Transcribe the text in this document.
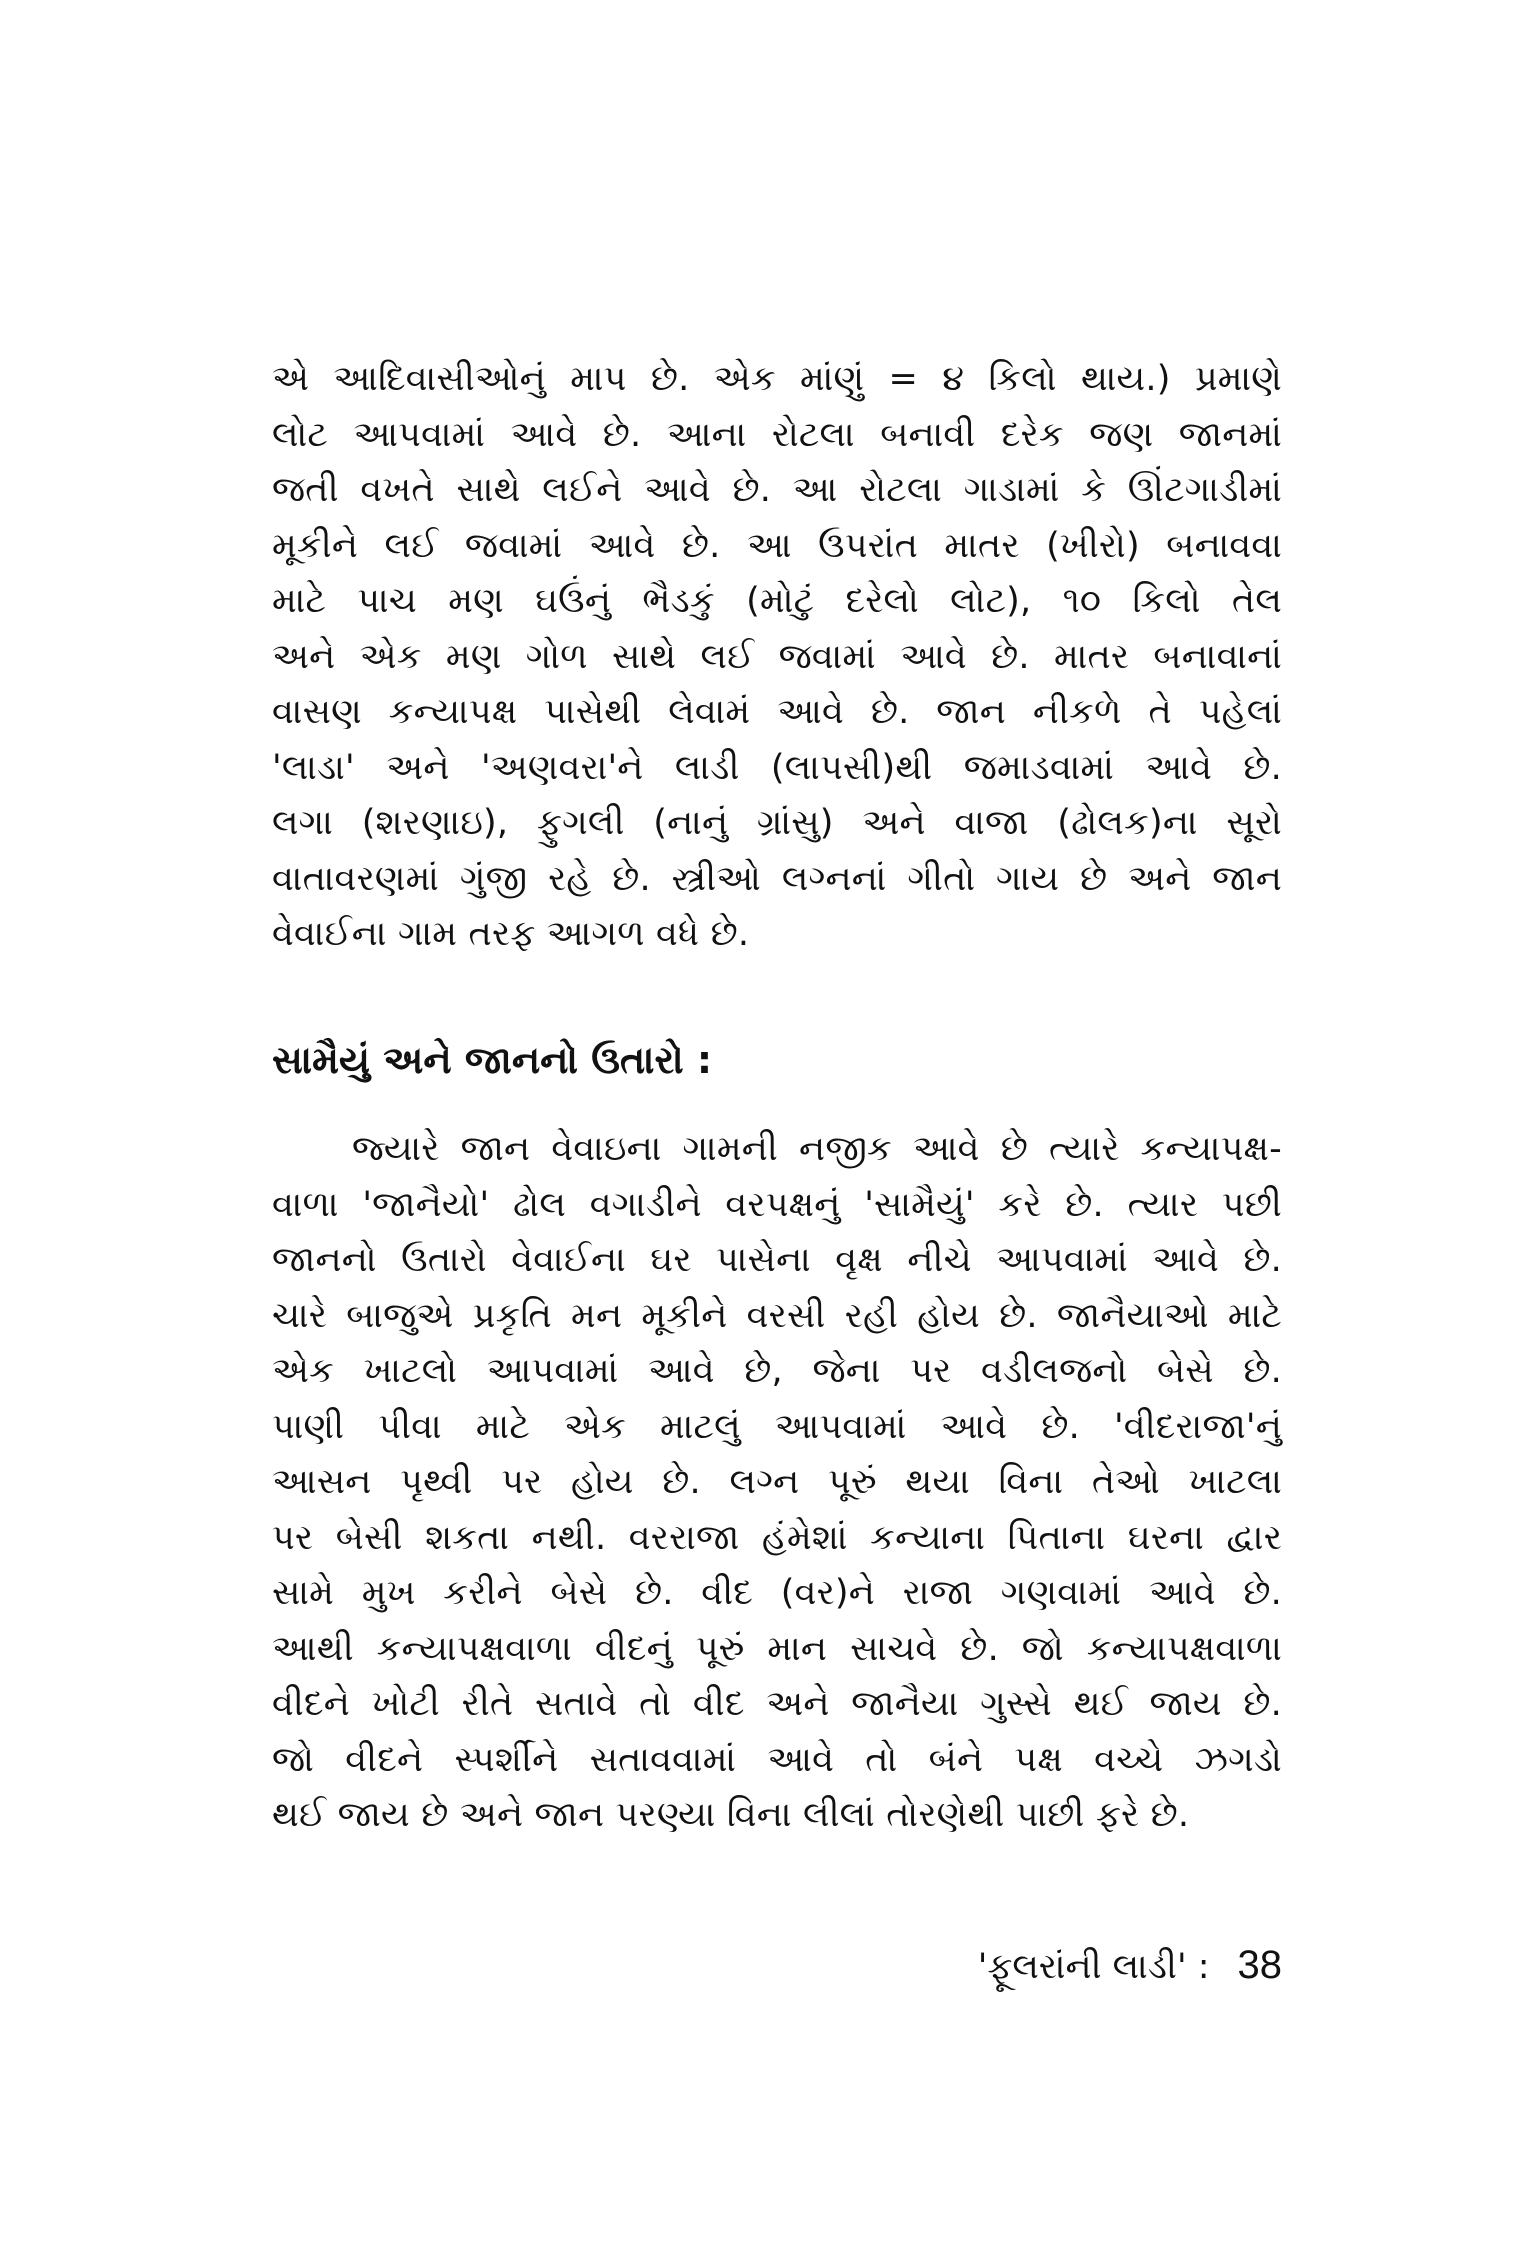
એ આદિવાસીઓનું માપ છે. એક માંણું = ૪ કિલો થાય.) પ્રમાણે
લોટ આપવામાં આવે છે. આના રોટલા બનાવી દરેક જણ જાનમાં
જતી વખતે સાથે લઈને આવે છે. આ રોટલા ગાડામાં કે ઊંટગાડીમાં
મૂકીને લઈ જવામાં આવે છે. આ ઉપરાંત માતર (ખીરો) બનાવવા
માટે પાચ મણ ઘઉંનું ભૈડકું (મોટું દરેલો લોટ), ૧૦ કિલો તેલ
અને એક મણ ગોળ સાથે લઈ જવામાં આવે છે. માતર બનાવાનાં
વાસણ કન્યાપક્ષ પાસેથી લેવામં આવે છે. જાન નીકળે તે પહેલાં
'લાડા' અને 'અણવરા'ને લાડી (લાપસી)થી જમાડવામાં આવે છે.
લગા (શરણાઇ), ફુગલી (નાનું ગ્રાંસુ) અને વાજા (ઢોલક)ના સૂરો
વાતાવરણમાં ગુંજી રહે છે. સ્ત્રીઓ લગ્નનાં ગીતો ગાય છે અને જાન
વેવાઈના ગામ તરફ આગળ વધે છે.
સામૈયું અને જાનનો ઉતારો :
જ્યારે જાન વેવાઇના ગામની નજીક આવે છે ત્યારે કન્યાપક્ષ-
વાળા 'જાનૈયો' ઢોલ વગાડીને વરપક્ષનું 'સામૈયું' કરે છે. ત્યાર પછી
જાનનો ઉતારો વેવાઈના ઘર પાસેના વૃક્ષ નીચે આપવામાં આવે છે.
ચારે બાજુએ પ્રકૃતિ મન મૂકીને વરસી રહી હોય છે. જાનૈયાઓ માટે
એક ખાટલો આપવામાં આવે છે, જેના પર વડીલજનો બેસે છે.
પાણી પીવા માટે એક માટલું આપવામાં આવે છે. 'વીદરાજા'નું
આસન પૃથ્વી પર હોય છે. લગ્ન પૂરું થયા વિના તેઓ ખાટલા
પર બેસી શકતા નથી. વરરાજા હંમેશાં કન્યાના પિતાના ઘરના દ્વાર
સામે મુખ કરીને બેસે છે. વીદ (વર)ને રાજા ગણવામાં આવે છે.
આથી કન્યાપક્ષવાળા વીદનું પૂરું માન સાચવે છે. જો કન્યાપક્ષવાળા
વીદને ખોટી રીતે સતાવે તો વીદ અને જાનૈયા ગુસ્સે થઈ જાય છે.
જો વીદને સ્પર્શીને સતાવવામાં આવે તો બંને પક્ષ વચ્ચે ઝગડો
થઈ જાય છે અને જાન પરણ્યા વિના લીલાં તોરણેથી પાછી ફરે છે.
'ફૂલરાંની લાડી' : 38
